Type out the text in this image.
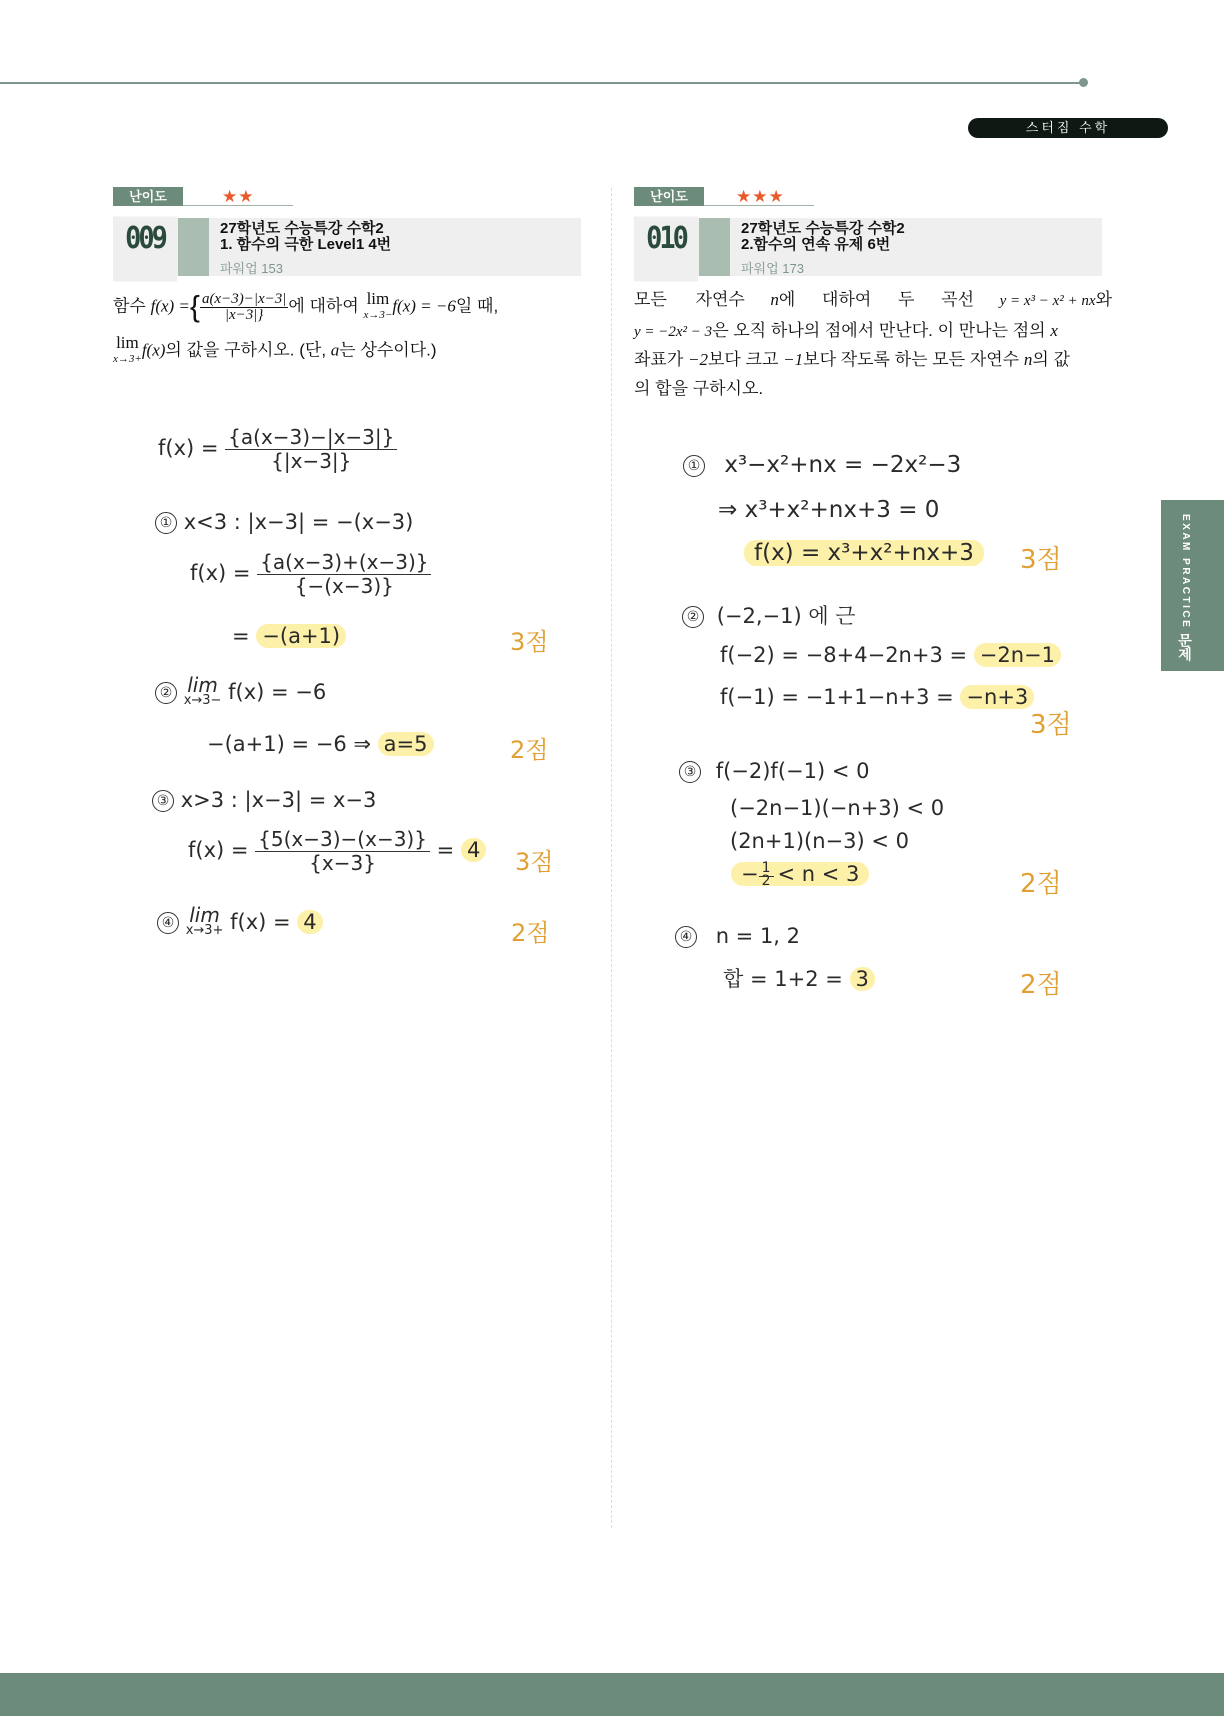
스터짐 수학
EXAM PRACTICE문제
난이도	★★
009	27학년도 수능특강 수학2
1. 함수의 극한 Level1 4번
파워업 153
함수 $f(x) =\{\frac{a(x-3)-|x-3|}{|x-3|\}}$에 대하여 lim
x→3− f(x) = −6일 때,
lim
x→3+ f(x)의 값을 구하시오. (단, a는 상수이다.)
$f(x) = \frac{\{a(x-3)-|x-3|\}}{\{|x-3|\}}$
① x<3 : |x−3| = −(x−3)
$f(x) = \frac{\{a(x-3)+(x-3)\}}{\{-(x-3)\}}$
= −(a+1)	3점
② lim
x→3− f(x) = −6
−(a+1) = −6 ⇒ a=5	2점
③ x>3 : |x−3| = x−3
$f(x) = \frac{\{5(x-3)-(x-3)\}}{\{x-3\}} = 4$ 3점
④ lim
x→3+ f(x) = 4	2점
난이도	★★★
010	27학년도 수능특강 수학2
2.함수의 연속 유제 6번
파워업 173
모든 자연수 n에 대하여 두 곡선 y = x³ − x² + nx와
y = −2x² − 3은 오직 하나의 점에서 만난다. 이 만나는 점의 x
좌표가 −2보다 크고 −1보다 작도록 하는 모든 자연수 n의 값
의 합을 구하시오.
① x³−x²+nx = −2x²−3
⇒ x³+x²+nx+3 = 0
f(x) = x³+x²+nx+3	3점
② (−2,−1) 에 근
f(−2) = −8+4−2n+3 = −2n−1
f(−1) = −1+1−n+3 = −n+3
3점
③ f(−2)f(−1) < 0
(−2n−1)(−n+3) < 0
(2n+1)(n−3) < 0
$-\frac{1}{2} < n < 3$	2점
④ n = 1, 2
합 = 1+2 = 3	2점
